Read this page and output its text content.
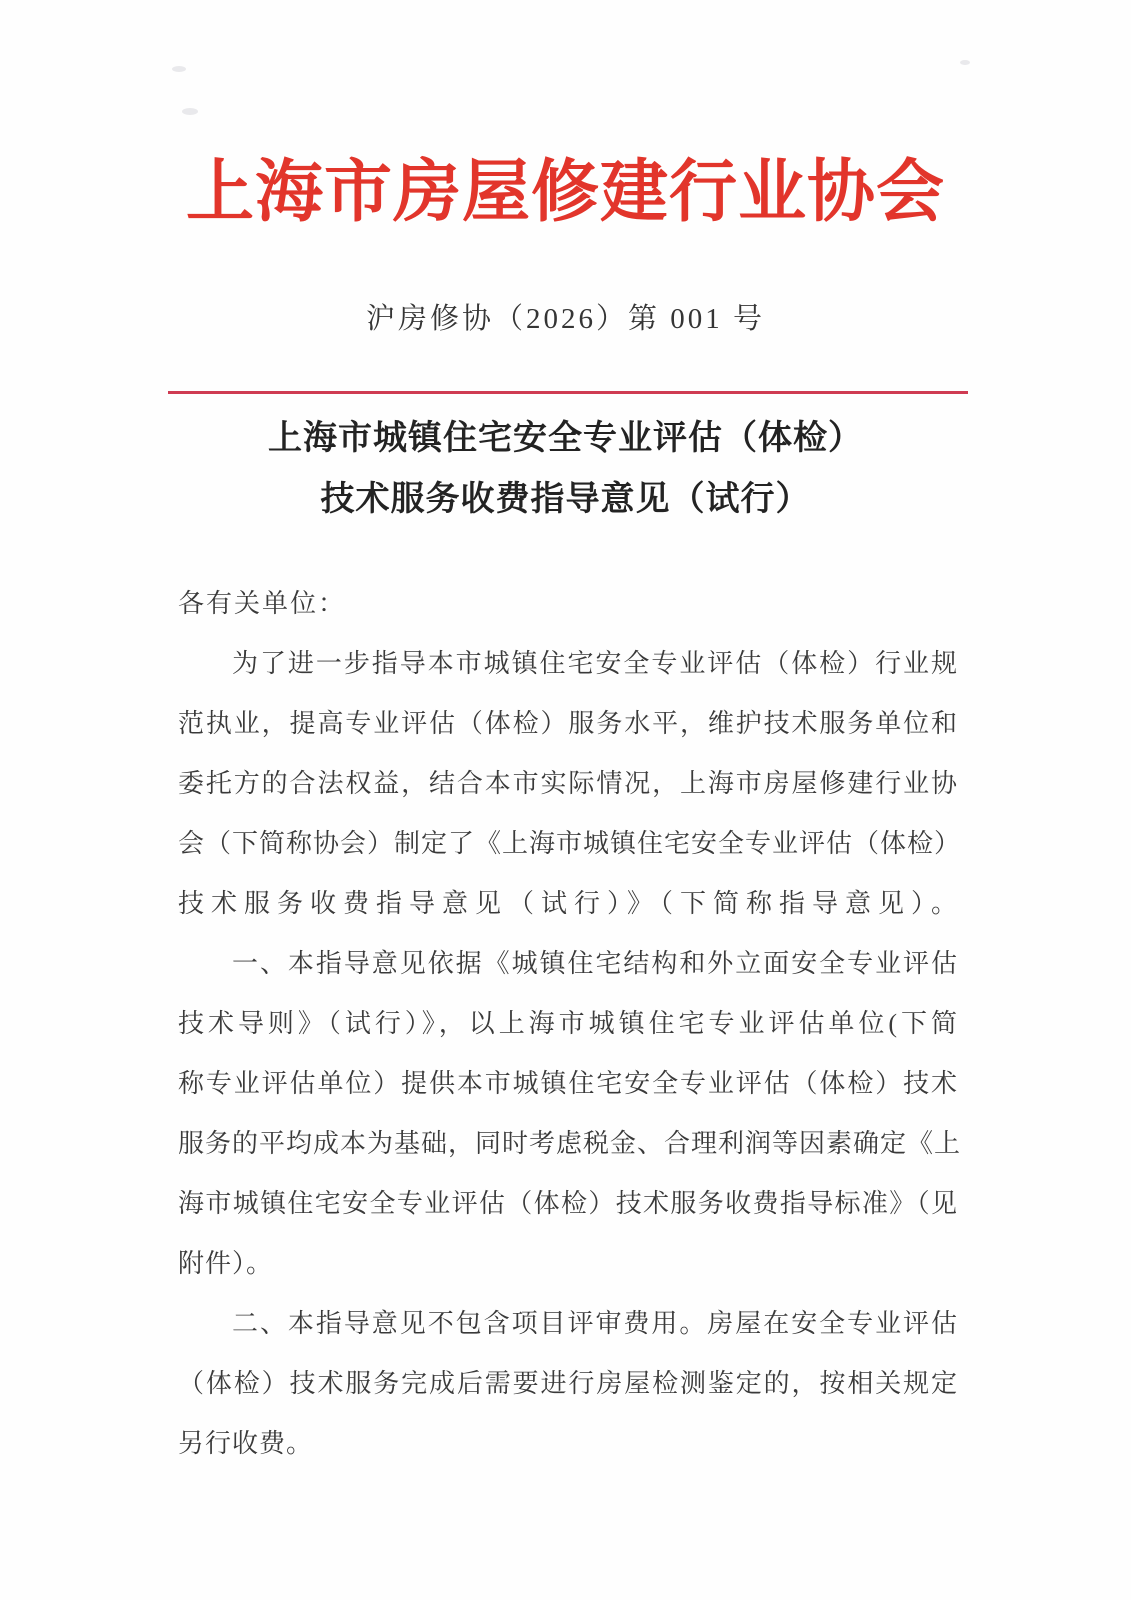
上海市房屋修建行业协会
沪房修协（2026）第 001 号
上海市城镇住宅安全专业评估（体检）
技术服务收费指导意见（试行）
各有关单位：
为了进一步指导本市城镇住宅安全专业评估（体检）行业规
范执业，提高专业评估（体检）服务水平，维护技术服务单位和
委托方的合法权益，结合本市实际情况，上海市房屋修建行业协
会（下简称协会）制定了《上海市城镇住宅安全专业评估（体检）
技术服务收费指导意见（试行）》（下简称指导意见）。
一、本指导意见依据《城镇住宅结构和外立面安全专业评估
技术导则》（试行）》，以上海市城镇住宅专业评估单位(下简
称专业评估单位）提供本市城镇住宅安全专业评估（体检）技术
服务的平均成本为基础，同时考虑税金、合理利润等因素确定《上
海市城镇住宅安全专业评估（体检）技术服务收费指导标准》（见
附件）。
二、本指导意见不包含项目评审费用。房屋在安全专业评估
（体检）技术服务完成后需要进行房屋检测鉴定的，按相关规定
另行收费。
